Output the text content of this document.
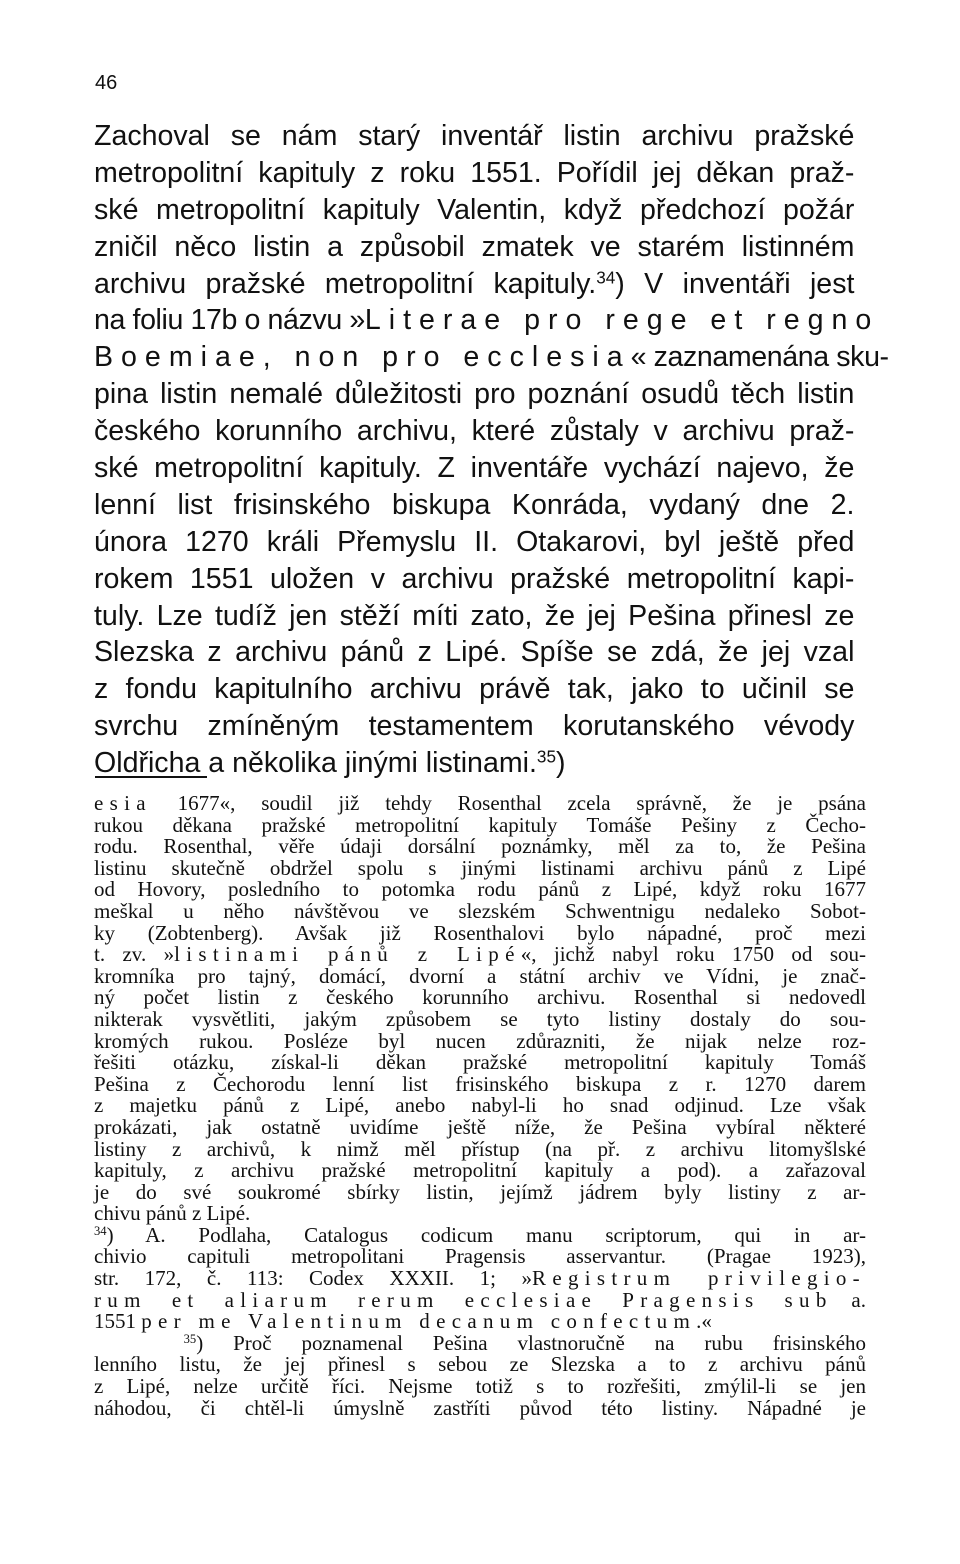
46
Zachoval se nám starý inventář listin archivu pražské
metropolitní kapituly z roku 1551. Pořídil jej děkan praž-
ské metropolitní kapituly Valentin, když předchozí požár
zničil něco listin a způsobil zmatek ve starém listinném
archivu pražské metropolitní kapituly.$^{34}$) V inventáři jest
na foliu 17b o názvu »Literae pro rege et regno
Boemiae, non pro ecclesia« zaznamenána sku-
pina listin nemalé důležitosti pro poznání osudů těch listin
českého korunního archivu, které zůstaly v archivu praž-
ské metropolitní kapituly. Z inventáře vychází najevo, že
lenní list frisinského biskupa Konráda, vydaný dne 2.
února 1270 králi Přemyslu II. Otakarovi, byl ještě před
rokem 1551 uložen v archivu pražské metropolitní kapi-
tuly. Lze tudíž jen stěží míti zato, že jej Pešina přinesl ze
Slezska z archivu pánů z Lipé. Spíše se zdá, že jej vzal
z fondu kapitulního archivu právě tak, jako to učinil se
svrchu zmíněným testamentem korutanského vévody
Oldřicha a několika jinými listinami.$^{35}$)
esia 1677«, soudil již tehdy Rosenthal zcela správně, že je psána
rukou děkana pražské metropolitní kapituly Tomáše Pešiny z Čecho-
rodu. Rosenthal, věře údaji dorsální poznámky, měl za to, že Pešina
listinu skutečně obdržel spolu s jinými listinami archivu pánů z Lipé
od Hovory, posledního to potomka rodu pánů z Lipé, když roku 1677
meškal u něho návštěvou ve slezském Schwentnigu nedaleko Sobot-
ky (Zobtenberg). Avšak již Rosenthalovi bylo nápadné, proč mezi
t. zv. »listinami pánů z Lipé«, jichž nabyl roku 1750 od sou-
kromníka pro tajný, domácí, dvorní a státní archiv ve Vídni, je znač-
ný počet listin z českého korunního archivu. Rosenthal si nedovedl
nikterak vysvětliti, jakým způsobem se tyto listiny dostaly do sou-
kromých rukou. Posléze byl nucen zdůrazniti, že nijak nelze roz-
řešiti otázku, získal-li děkan pražské metropolitní kapituly Tomáš
Pešina z Čechorodu lenní list frisinského biskupa z r. 1270 darem
z majetku pánů z Lipé, anebo nabyl-li ho snad odjinud. Lze však
prokázati, jak ostatně uvidíme ještě níže, že Pešina vybíral některé
listiny z archivů, k nimž měl přístup (na př. z archivu litomyšlské
kapituly, z archivu pražské metropolitní kapituly a pod). a zařazoval
je do své soukromé sbírky listin, jejímž jádrem byly listiny z ar-
chivu pánů z Lipé.
$^{34}$) A. Podlaha, Catalogus codicum manu scriptorum, qui in ar-
chivio capituli metropolitani Pragensis asservantur. (Pragae 1923),
str. 172, č. 113: Codex XXXII. 1; »Registrum privilegio-
rum et aliarum rerum ecclesiae Pragensis sub a.
1551 per me Valentinum decanum confectum.«
$^{35}$) Proč poznamenal Pešina vlastnoručně na rubu frisinského
lenního listu, že jej přinesl s sebou ze Slezska a to z archivu pánů
z Lipé, nelze určitě říci. Nejsme totiž s to rozřešiti, zmýlil-li se jen
náhodou, či chtěl-li úmyslně zastříti původ této listiny. Nápadné je
